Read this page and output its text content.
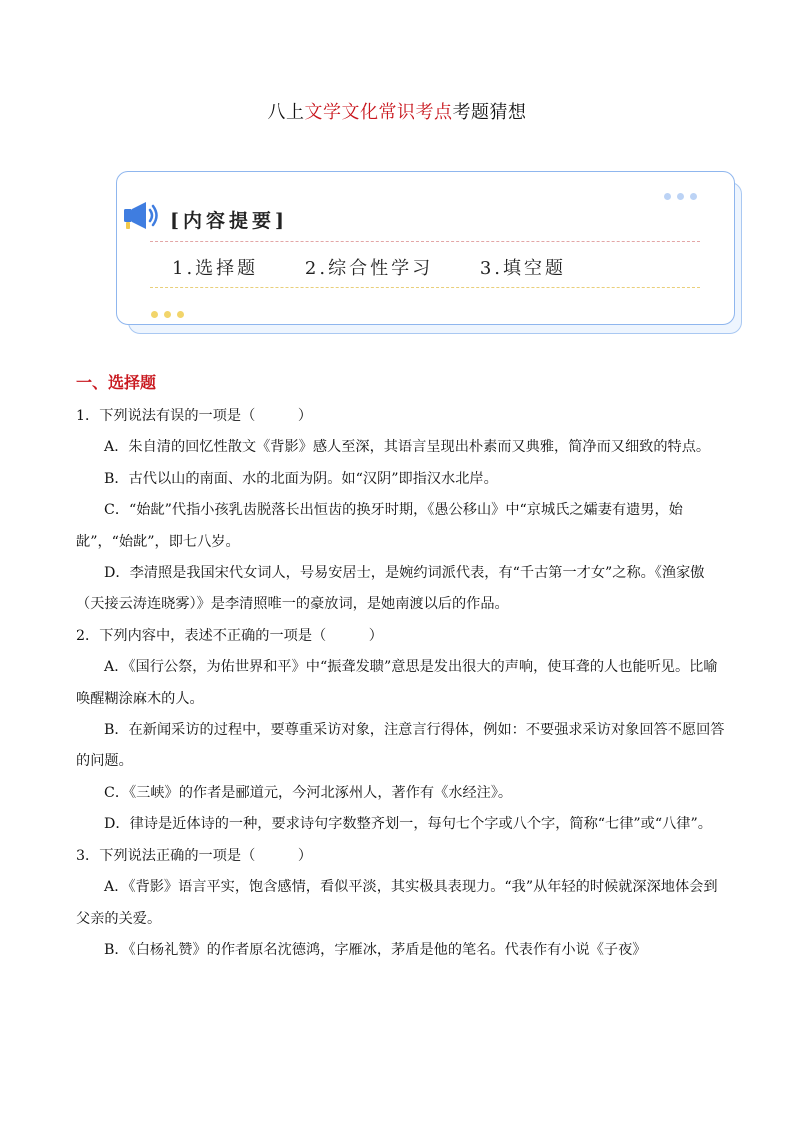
八上文学文化常识考点考题猜想
[内容提要]
1.选择题	2.综合性学习	3.填空题
一、选择题

1．下列说法有误的一项是（　　　）

A．朱自清的回忆性散文《背影》感人至深，其语言呈现出朴素而又典雅，简净而又细致的特点。

B．古代以山的南面、水的北面为阴。如“汉阴”即指汉水北岸。

C．“始龀”代指小孩乳齿脱落长出恒齿的换牙时期，《愚公移山》中“京城氏之孀妻有遗男，始龀”，“始龀”，即七八岁。

D．李清照是我国宋代女词人，号易安居士，是婉约词派代表，有“千古第一才女”之称。《渔家傲（天接云涛连晓雾）》是李清照唯一的豪放词，是她南渡以后的作品。

2．下列内容中，表述不正确的一项是（　　　）

A．《国行公祭，为佑世界和平》中“振聋发聩”意思是发出很大的声响，使耳聋的人也能听见。比喻唤醒糊涂麻木的人。

B．在新闻采访的过程中，要尊重采访对象，注意言行得体，例如：不要强求采访对象回答不愿回答的问题。

C．《三峡》的作者是郦道元，今河北涿州人，著作有《水经注》。

D．律诗是近体诗的一种，要求诗句字数整齐划一，每句七个字或八个字，简称“七律”或“八律”。

3．下列说法正确的一项是（　　　）

A．《背影》语言平实，饱含感情，看似平淡，其实极具表现力。“我”从年轻的时候就深深地体会到父亲的关爱。

B．《白杨礼赞》的作者原名沈德鸿，字雁冰，茅盾是他的笔名。代表作有小说《子夜》
